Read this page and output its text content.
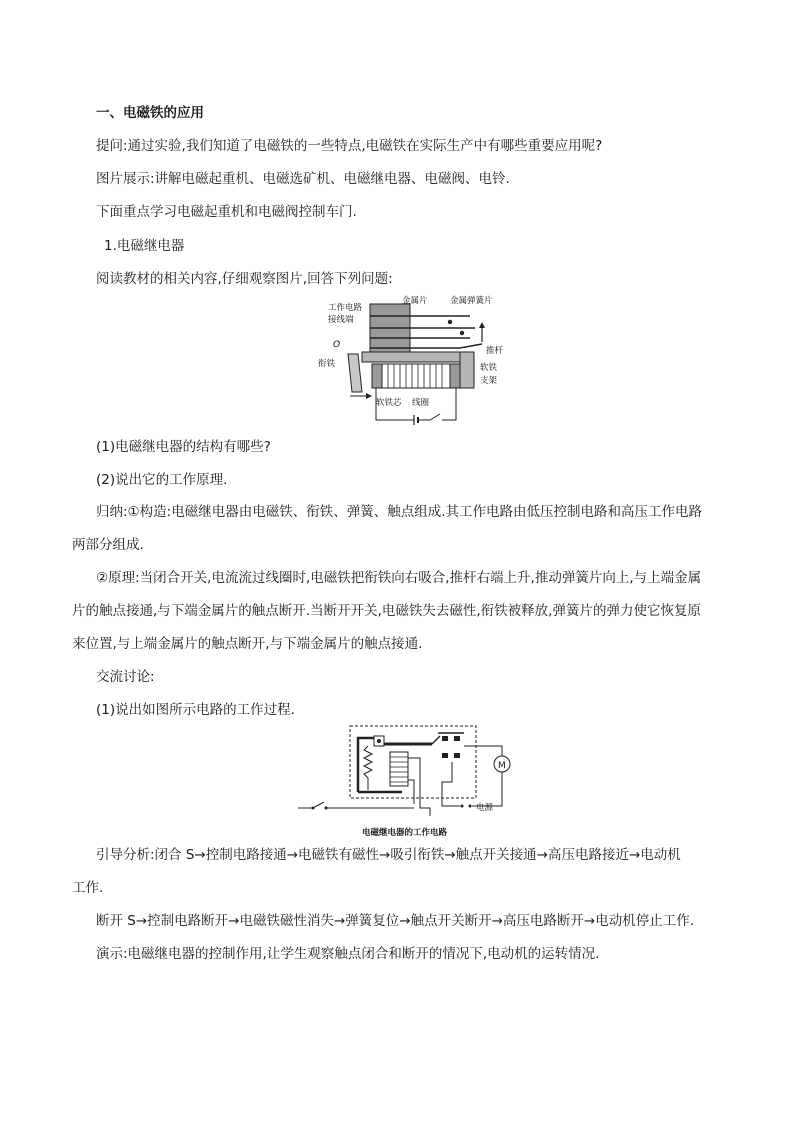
一、电磁铁的应用
提问:通过实验,我们知道了电磁铁的一些特点,电磁铁在实际生产中有哪些重要应用呢?
图片展示:讲解电磁起重机、电磁选矿机、电磁继电器、电磁阀、电铃.
下面重点学习电磁起重机和电磁阀控制车门.
1.电磁继电器
阅读教材的相关内容,仔细观察图片,回答下列问题:
工作电路
接线端
金属片	金属弹簧片
O
推杆
衔铁	软铁
支架
软铁芯 线圈
(1)电磁继电器的结构有哪些?
(2)说出它的工作原理.
归纳:①构造:电磁继电器由电磁铁、衔铁、弹簧、触点组成.其工作电路由低压控制电路和高压工作电路
两部分组成.
②原理:当闭合开关,电流流过线圈时,电磁铁把衔铁向右吸合,推杆右端上升,推动弹簧片向上,与上端金属
片的触点接通,与下端金属片的触点断开.当断开开关,电磁铁失去磁性,衔铁被释放,弹簧片的弹力使它恢复原
来位置,与上端金属片的触点断开,与下端金属片的触点接通.
交流讨论:
(1)说出如图所示电路的工作过程.
M
电源
电磁继电器的工作电路
引导分析:闭合 S→控制电路接通→电磁铁有磁性→吸引衔铁→触点开关接通→高压电路接近→电动机
工作.
断开 S→控制电路断开→电磁铁磁性消失→弹簧复位→触点开关断开→高压电路断开→电动机停止工作.
演示:电磁继电器的控制作用,让学生观察触点闭合和断开的情况下,电动机的运转情况.
